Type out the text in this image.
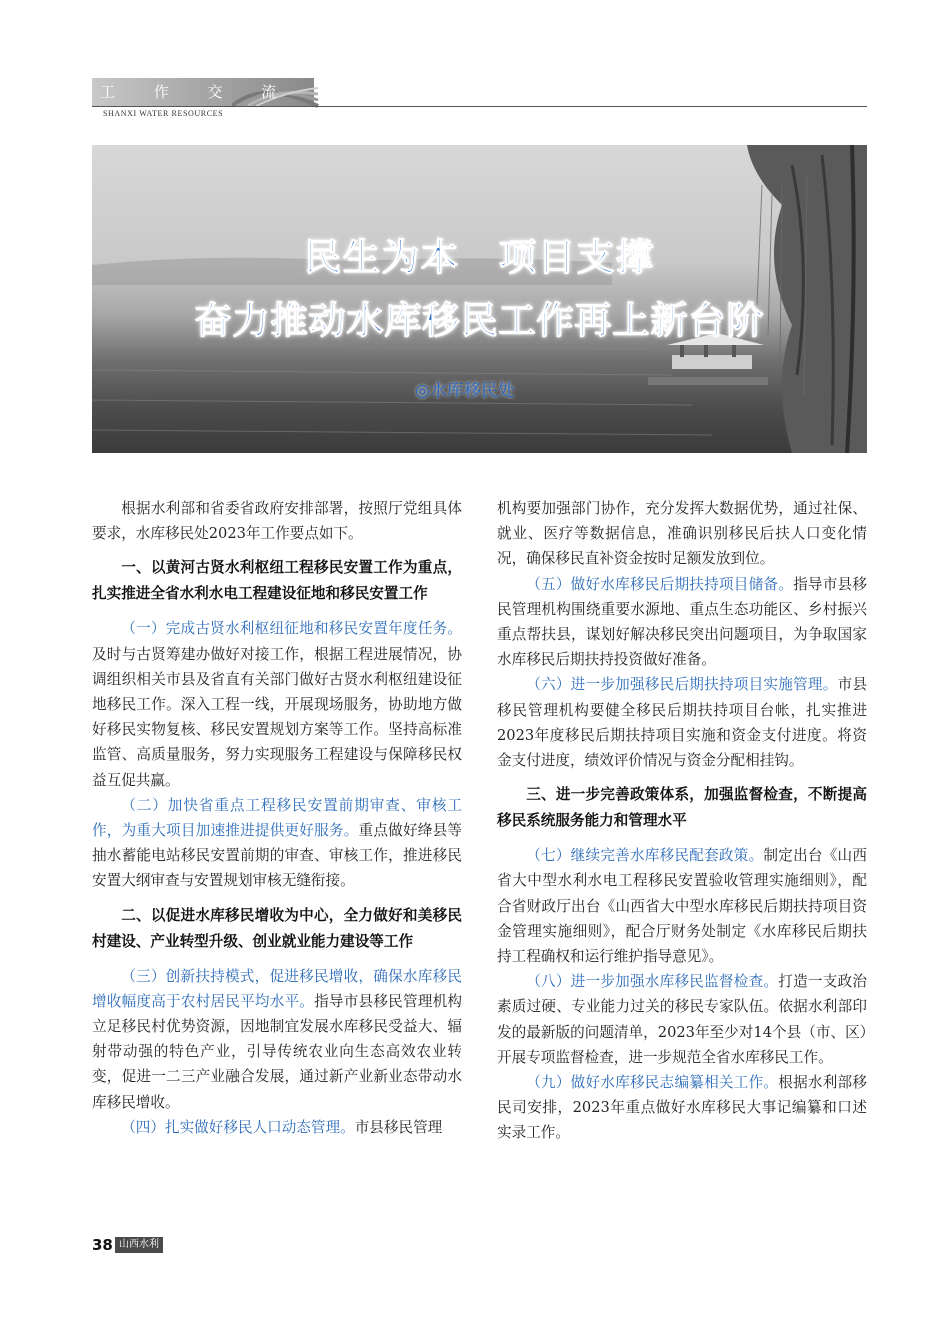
工 作 交 流
SHANXI WATER RESOURCES
民生为本　项目支撑
奋力推动水库移民工作再上新台阶
◎水库移民处

根据水利部和省委省政府安排部署，按照厅党组具体要求，水库移民处2023年工作要点如下。

一、以黄河古贤水利枢纽工程移民安置工作为重点，扎实推进全省水利水电工程建设征地和移民安置工作

（一）完成古贤水利枢纽征地和移民安置年度任务。及时与古贤筹建办做好对接工作，根据工程进展情况，协调组织相关市县及省直有关部门做好古贤水利枢纽建设征地移民工作。深入工程一线，开展现场服务，协助地方做好移民实物复核、移民安置规划方案等工作。坚持高标准监管、高质量服务，努力实现服务工程建设与保障移民权益互促共赢。

（二）加快省重点工程移民安置前期审查、审核工作，为重大项目加速推进提供更好服务。重点做好绛县等抽水蓄能电站移民安置前期的审查、审核工作，推进移民安置大纲审查与安置规划审核无缝衔接。

二、以促进水库移民增收为中心，全力做好和美移民村建设、产业转型升级、创业就业能力建设等工作

（三）创新扶持模式，促进移民增收，确保水库移民增收幅度高于农村居民平均水平。指导市县移民管理机构立足移民村优势资源，因地制宜发展水库移民受益大、辐射带动强的特色产业，引导传统农业向生态高效农业转变，促进一二三产业融合发展，通过新产业新业态带动水库移民增收。

（四）扎实做好移民人口动态管理。市县移民管理

机构要加强部门协作，充分发挥大数据优势，通过社保、就业、医疗等数据信息，准确识别移民后扶人口变化情况，确保移民直补资金按时足额发放到位。

（五）做好水库移民后期扶持项目储备。指导市县移民管理机构围绕重要水源地、重点生态功能区、乡村振兴重点帮扶县，谋划好解决移民突出问题项目，为争取国家水库移民后期扶持投资做好准备。

（六）进一步加强移民后期扶持项目实施管理。市县移民管理机构要健全移民后期扶持项目台帐，扎实推进2023年度移民后期扶持项目实施和资金支付进度。将资金支付进度，绩效评价情况与资金分配相挂钩。

三、进一步完善政策体系，加强监督检查，不断提高移民系统服务能力和管理水平

（七）继续完善水库移民配套政策。制定出台《山西省大中型水利水电工程移民安置验收管理实施细则》，配合省财政厅出台《山西省大中型水库移民后期扶持项目资金管理实施细则》，配合厅财务处制定《水库移民后期扶持工程确权和运行维护指导意见》。

（八）进一步加强水库移民监督检查。打造一支政治素质过硬、专业能力过关的移民专家队伍。依据水利部印发的最新版的问题清单，2023年至少对14个县（市、区）开展专项监督检查，进一步规范全省水库移民工作。

（九）做好水库移民志编纂相关工作。根据水利部移民司安排，2023年重点做好水库移民大事记编纂和口述实录工作。

38 山西水利
